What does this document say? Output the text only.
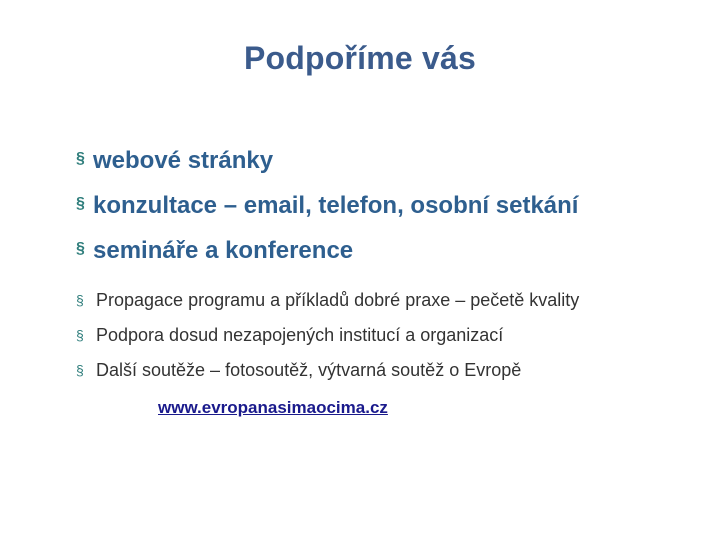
Podpoříme vás
§ webové stránky
§ konzultace – email, telefon, osobní setkání
§ semináře a konference
§ Propagace programu a příkladů dobré praxe – pečetě kvality
§ Podpora dosud nezapojených institucí a organizací
§ Další soutěže – fotosoutěž, výtvarná soutěž o Evropě
www.evropanasimaocima.cz
